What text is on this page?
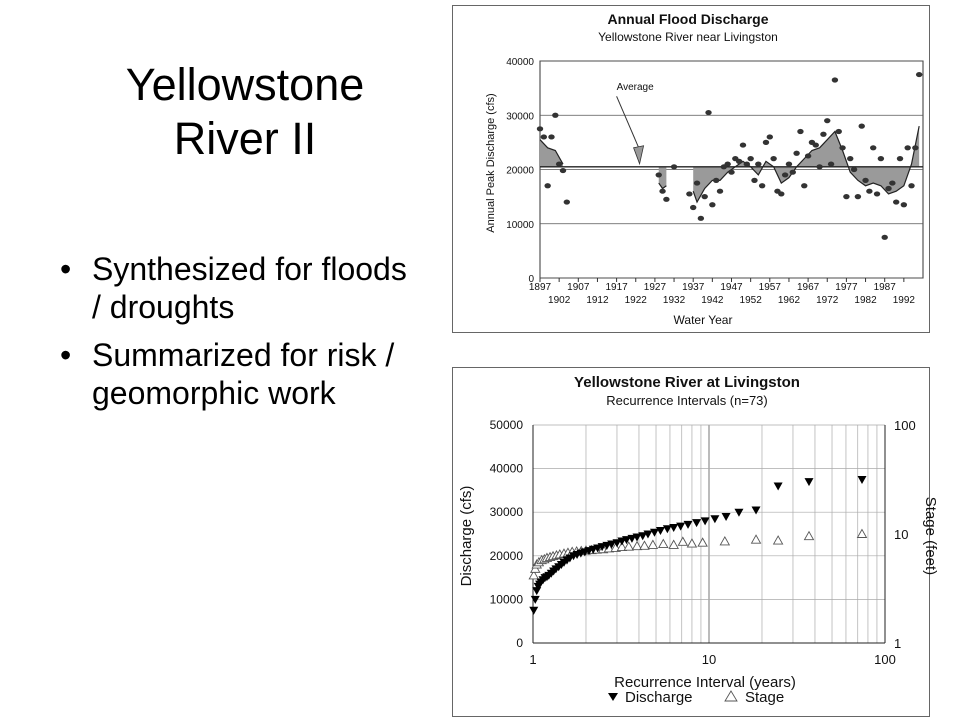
Yellowstone
River II
• Synthesized for floods / droughts
• Summarized for risk / geomorphic work
Annual Flood Discharge
Yellowstone River near Livingston
Annual Peak Discharge (cfs)
Water Year
0
10000
20000
30000
40000
1897 1907 1917 1927 1937 1947 1957 1967 1977 1987
1902 1912 1922 1932 1942 1952 1962 1972 1982 1992
Average
Yellowstone River at Livingston
Recurrence Intervals (n=73)
Discharge (cfs)	Stage (feet)
Recurrence Interval (years)
0
10000
20000
30000
40000
50000
1	10	100
1
10
100
Discharge	Stage
